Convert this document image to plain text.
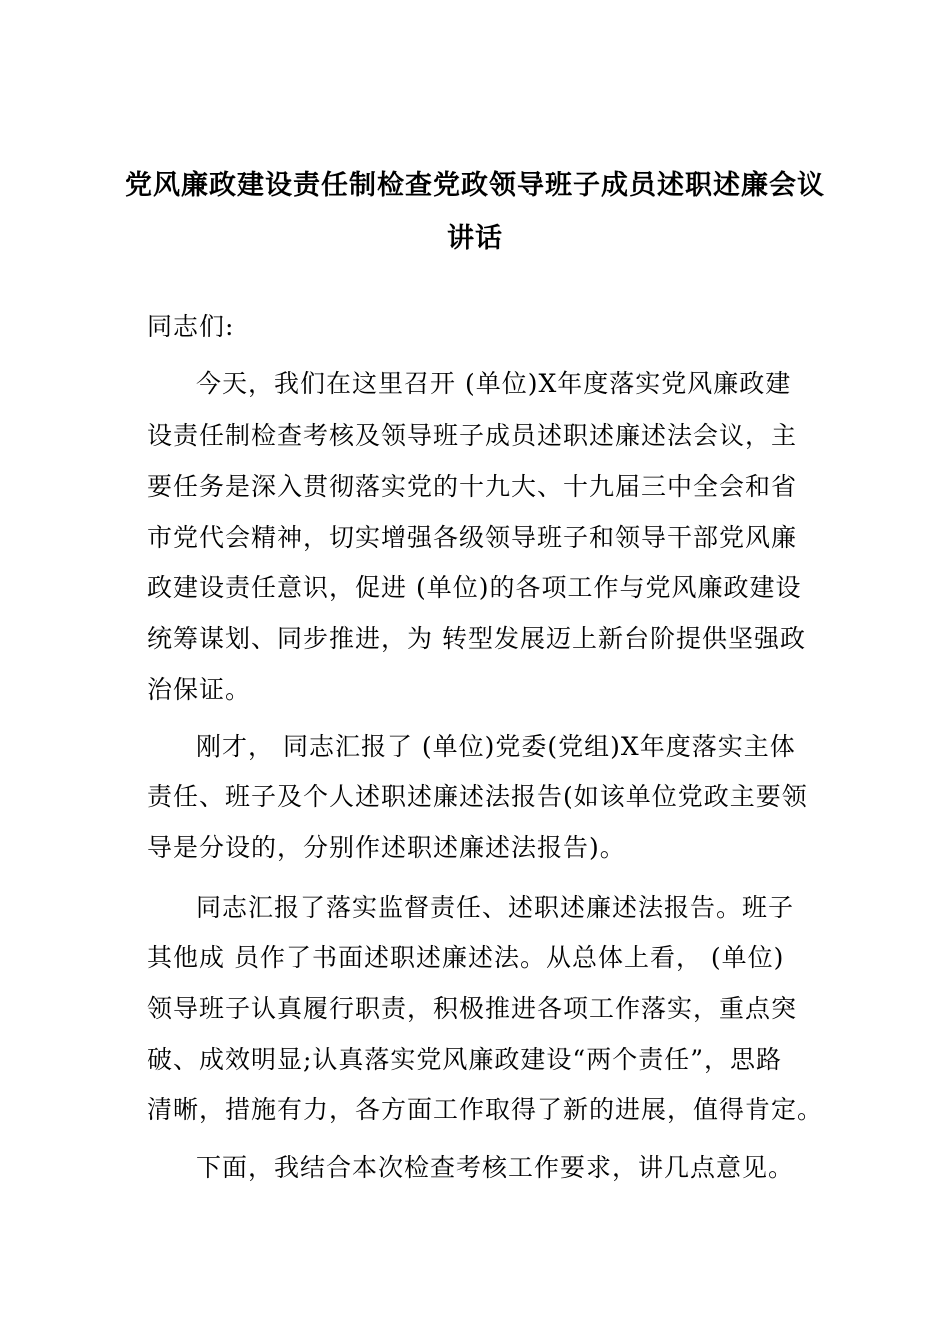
党风廉政建设责任制检查党政领导班子成员述职述廉会议
讲话
同志们:
今天，我们在这里召开 (单位)X年度落实党风廉政建
设责任制检查考核及领导班子成员述职述廉述法会议，主
要任务是深入贯彻落实党的十九大、十九届三中全会和省
市党代会精神，切实增强各级领导班子和领导干部党风廉
政建设责任意识，促进 (单位)的各项工作与党风廉政建设
统筹谋划、同步推进，为 转型发展迈上新台阶提供坚强政
治保证。
刚才， 同志汇报了 (单位)党委(党组)X年度落实主体
责任、班子及个人述职述廉述法报告(如该单位党政主要领
导是分设的，分别作述职述廉述法报告)。
同志汇报了落实监督责任、述职述廉述法报告。班子
其他成 员作了书面述职述廉述法。从总体上看， (单位)
领导班子认真履行职责，积极推进各项工作落实，重点突
破、成效明显;认真落实党风廉政建设“两个责任”，思路
清晰，措施有力，各方面工作取得了新的进展，值得肯定。
下面，我结合本次检查考核工作要求，讲几点意见。
